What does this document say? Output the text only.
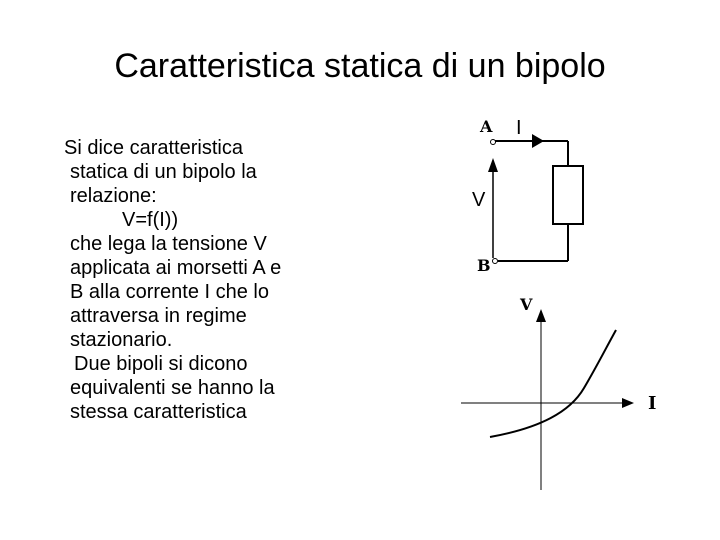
Caratteristica statica di un bipolo
Si dice caratteristica
statica di un bipolo la
relazione:
V=f(I))
che lega la tensione V
applicata ai morsetti A e
B alla corrente I che lo
attraversa in regime
stazionario.
Due bipoli si dicono
equivalenti se hanno la
stessa caratteristica
A I
V
B
V
I
